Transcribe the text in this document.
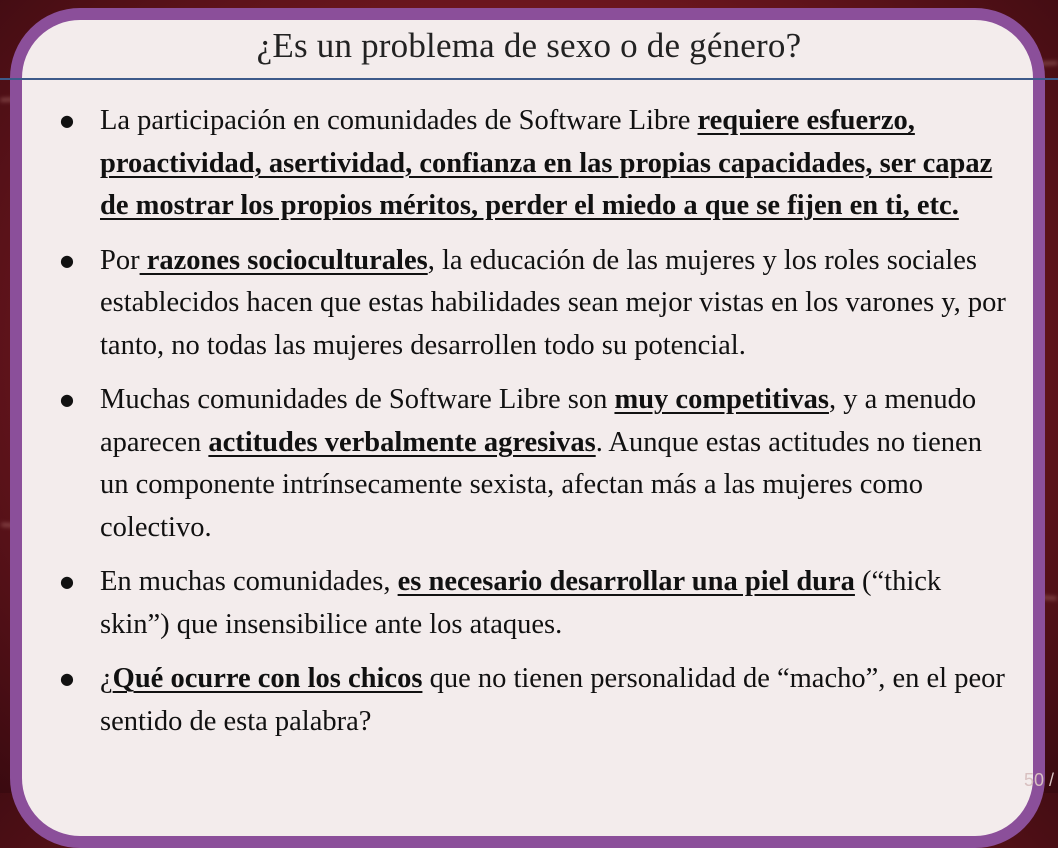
¿Es un problema de sexo o de género?
● La participación en comunidades de Software Libre requiere esfuerzo, proactividad, asertividad, confianza en las propias capacidades, ser capaz de mostrar los propios méritos, perder el miedo a que se fijen en ti, etc.
● Por razones socioculturales, la educación de las mujeres y los roles sociales establecidos hacen que estas habilidades sean mejor vistas en los varones y, por tanto, no todas las mujeres desarrollen todo su potencial.
● Muchas comunidades de Software Libre son muy competitivas, y a menudo aparecen actitudes verbalmente agresivas. Aunque estas actitudes no tienen un componente intrínsecamente sexista, afectan más a las mujeres como colectivo.
● En muchas comunidades, es necesario desarrollar una piel dura (“thick skin”) que insensibilice ante los ataques.
● ¿Qué ocurre con los chicos que no tienen personalidad de “macho”, en el peor sentido de esta palabra?
50 /
